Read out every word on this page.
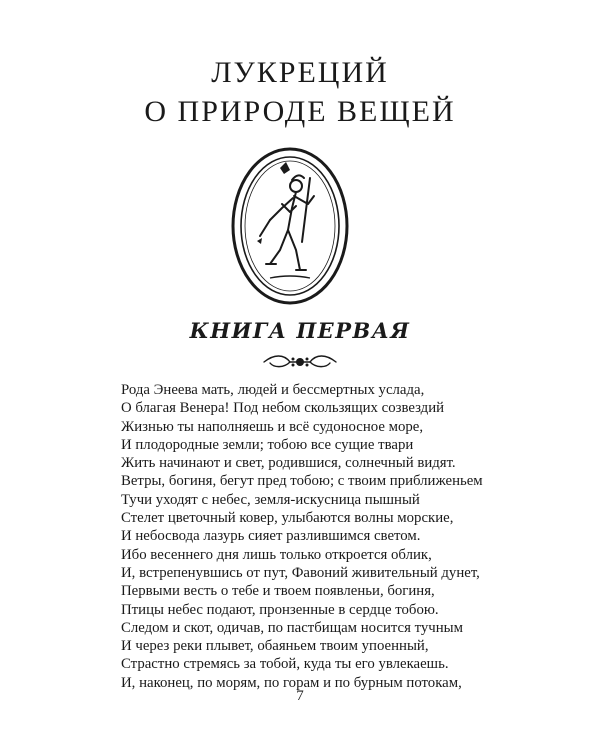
ЛУКРЕЦИЙ
О ПРИРОДЕ ВЕЩЕЙ
КНИГА ПЕРВАЯ
Рода Энеева мать, людей и бессмертных услада,
О благая Венера! Под небом скользящих созвездий
Жизнью ты наполняешь и всё судоносное море,
И плодородные земли; тобою все сущие твари
Жить начинают и свет, родившися, солнечный видят.
Ветры, богиня, бегут пред тобою; с твоим приближеньем
Тучи уходят с небес, земля-искусница пышный
Стелет цветочный ковер, улыбаются волны морские,
И небосвода лазурь сияет разлившимся светом.
Ибо весеннего дня лишь только откроется облик,
И, встрепенувшись от пут, Фавоний живительный дунет,
Первыми весть о тебе и твоем появленьи, богиня,
Птицы небес подают, пронзенные в сердце тобою.
Следом и скот, одичав, по пастбищам носится тучным
И через реки плывет, обаяньем твоим упоенный,
Страстно стремясь за тобой, куда ты его увлекаешь.
И, наконец, по морям, по горам и по бурным потокам,
7
